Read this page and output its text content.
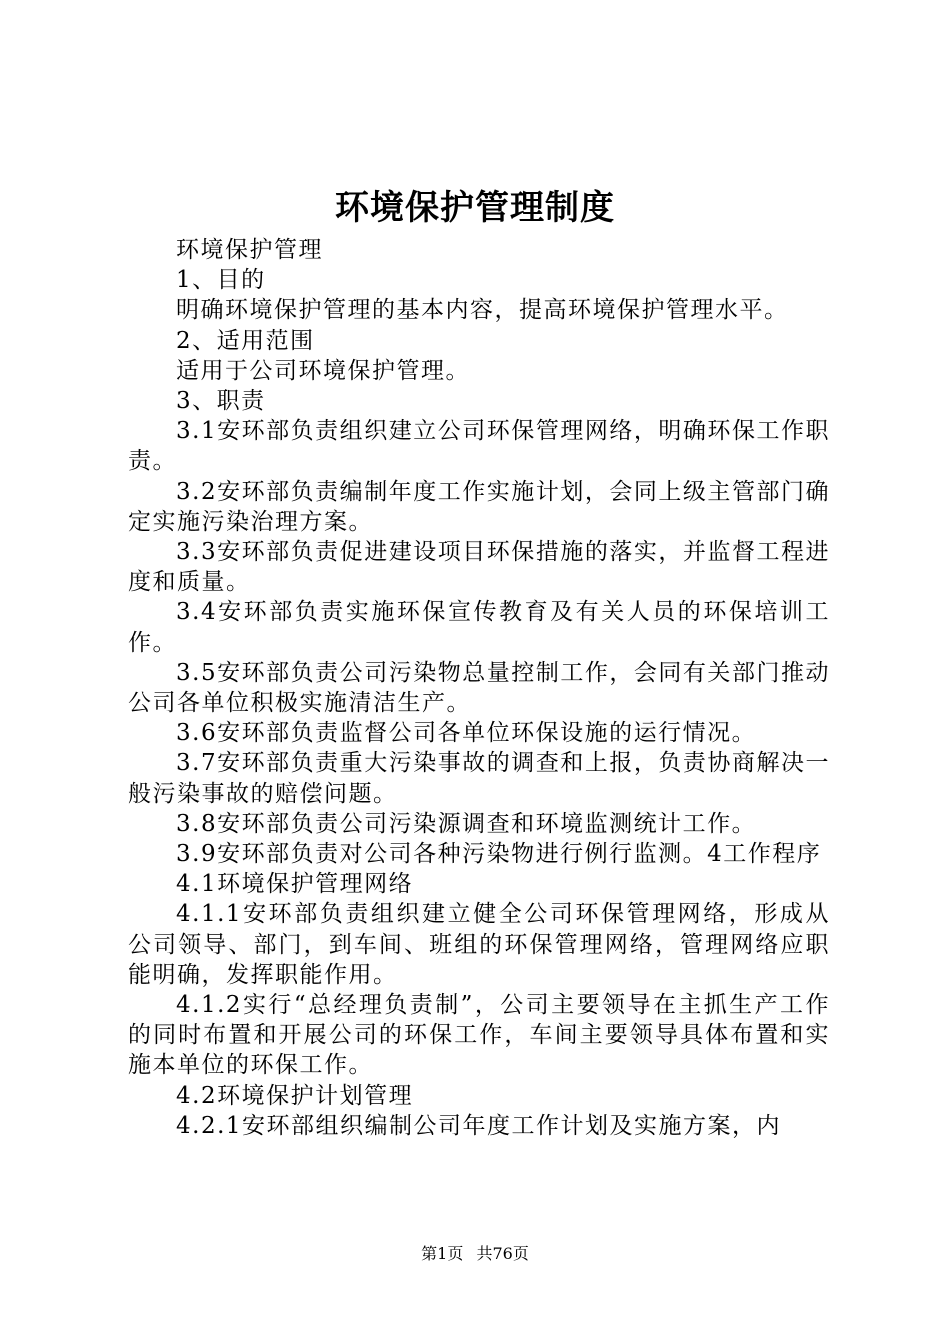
环境保护管理制度

环境保护管理

1、目的

明确环境保护管理的基本内容，提高环境保护管理水平。

2、适用范围

适用于公司环境保护管理。

3、职责

3.1安环部负责组织建立公司环保管理网络，明确环保工作职责。

3.2安环部负责编制年度工作实施计划，会同上级主管部门确定实施污染治理方案。

3.3安环部负责促进建设项目环保措施的落实，并监督工程进度和质量。

3.4安环部负责实施环保宣传教育及有关人员的环保培训工作。

3.5安环部负责公司污染物总量控制工作，会同有关部门推动公司各单位积极实施清洁生产。

3.6安环部负责监督公司各单位环保设施的运行情况。

3.7安环部负责重大污染事故的调查和上报，负责协商解决一般污染事故的赔偿问题。

3.8安环部负责公司污染源调查和环境监测统计工作。

3.9安环部负责对公司各种污染物进行例行监测。4工作程序

4.1环境保护管理网络

4.1.1安环部负责组织建立健全公司环保管理网络，形成从公司领导、部门，到车间、班组的环保管理网络，管理网络应职能明确，发挥职能作用。

4.1.2实行“总经理负责制”，公司主要领导在主抓生产工作的同时布置和开展公司的环保工作，车间主要领导具体布置和实施本单位的环保工作。

4.2环境保护计划管理

4.2.1安环部组织编制公司年度工作计划及实施方案，内

第1页 共76页
